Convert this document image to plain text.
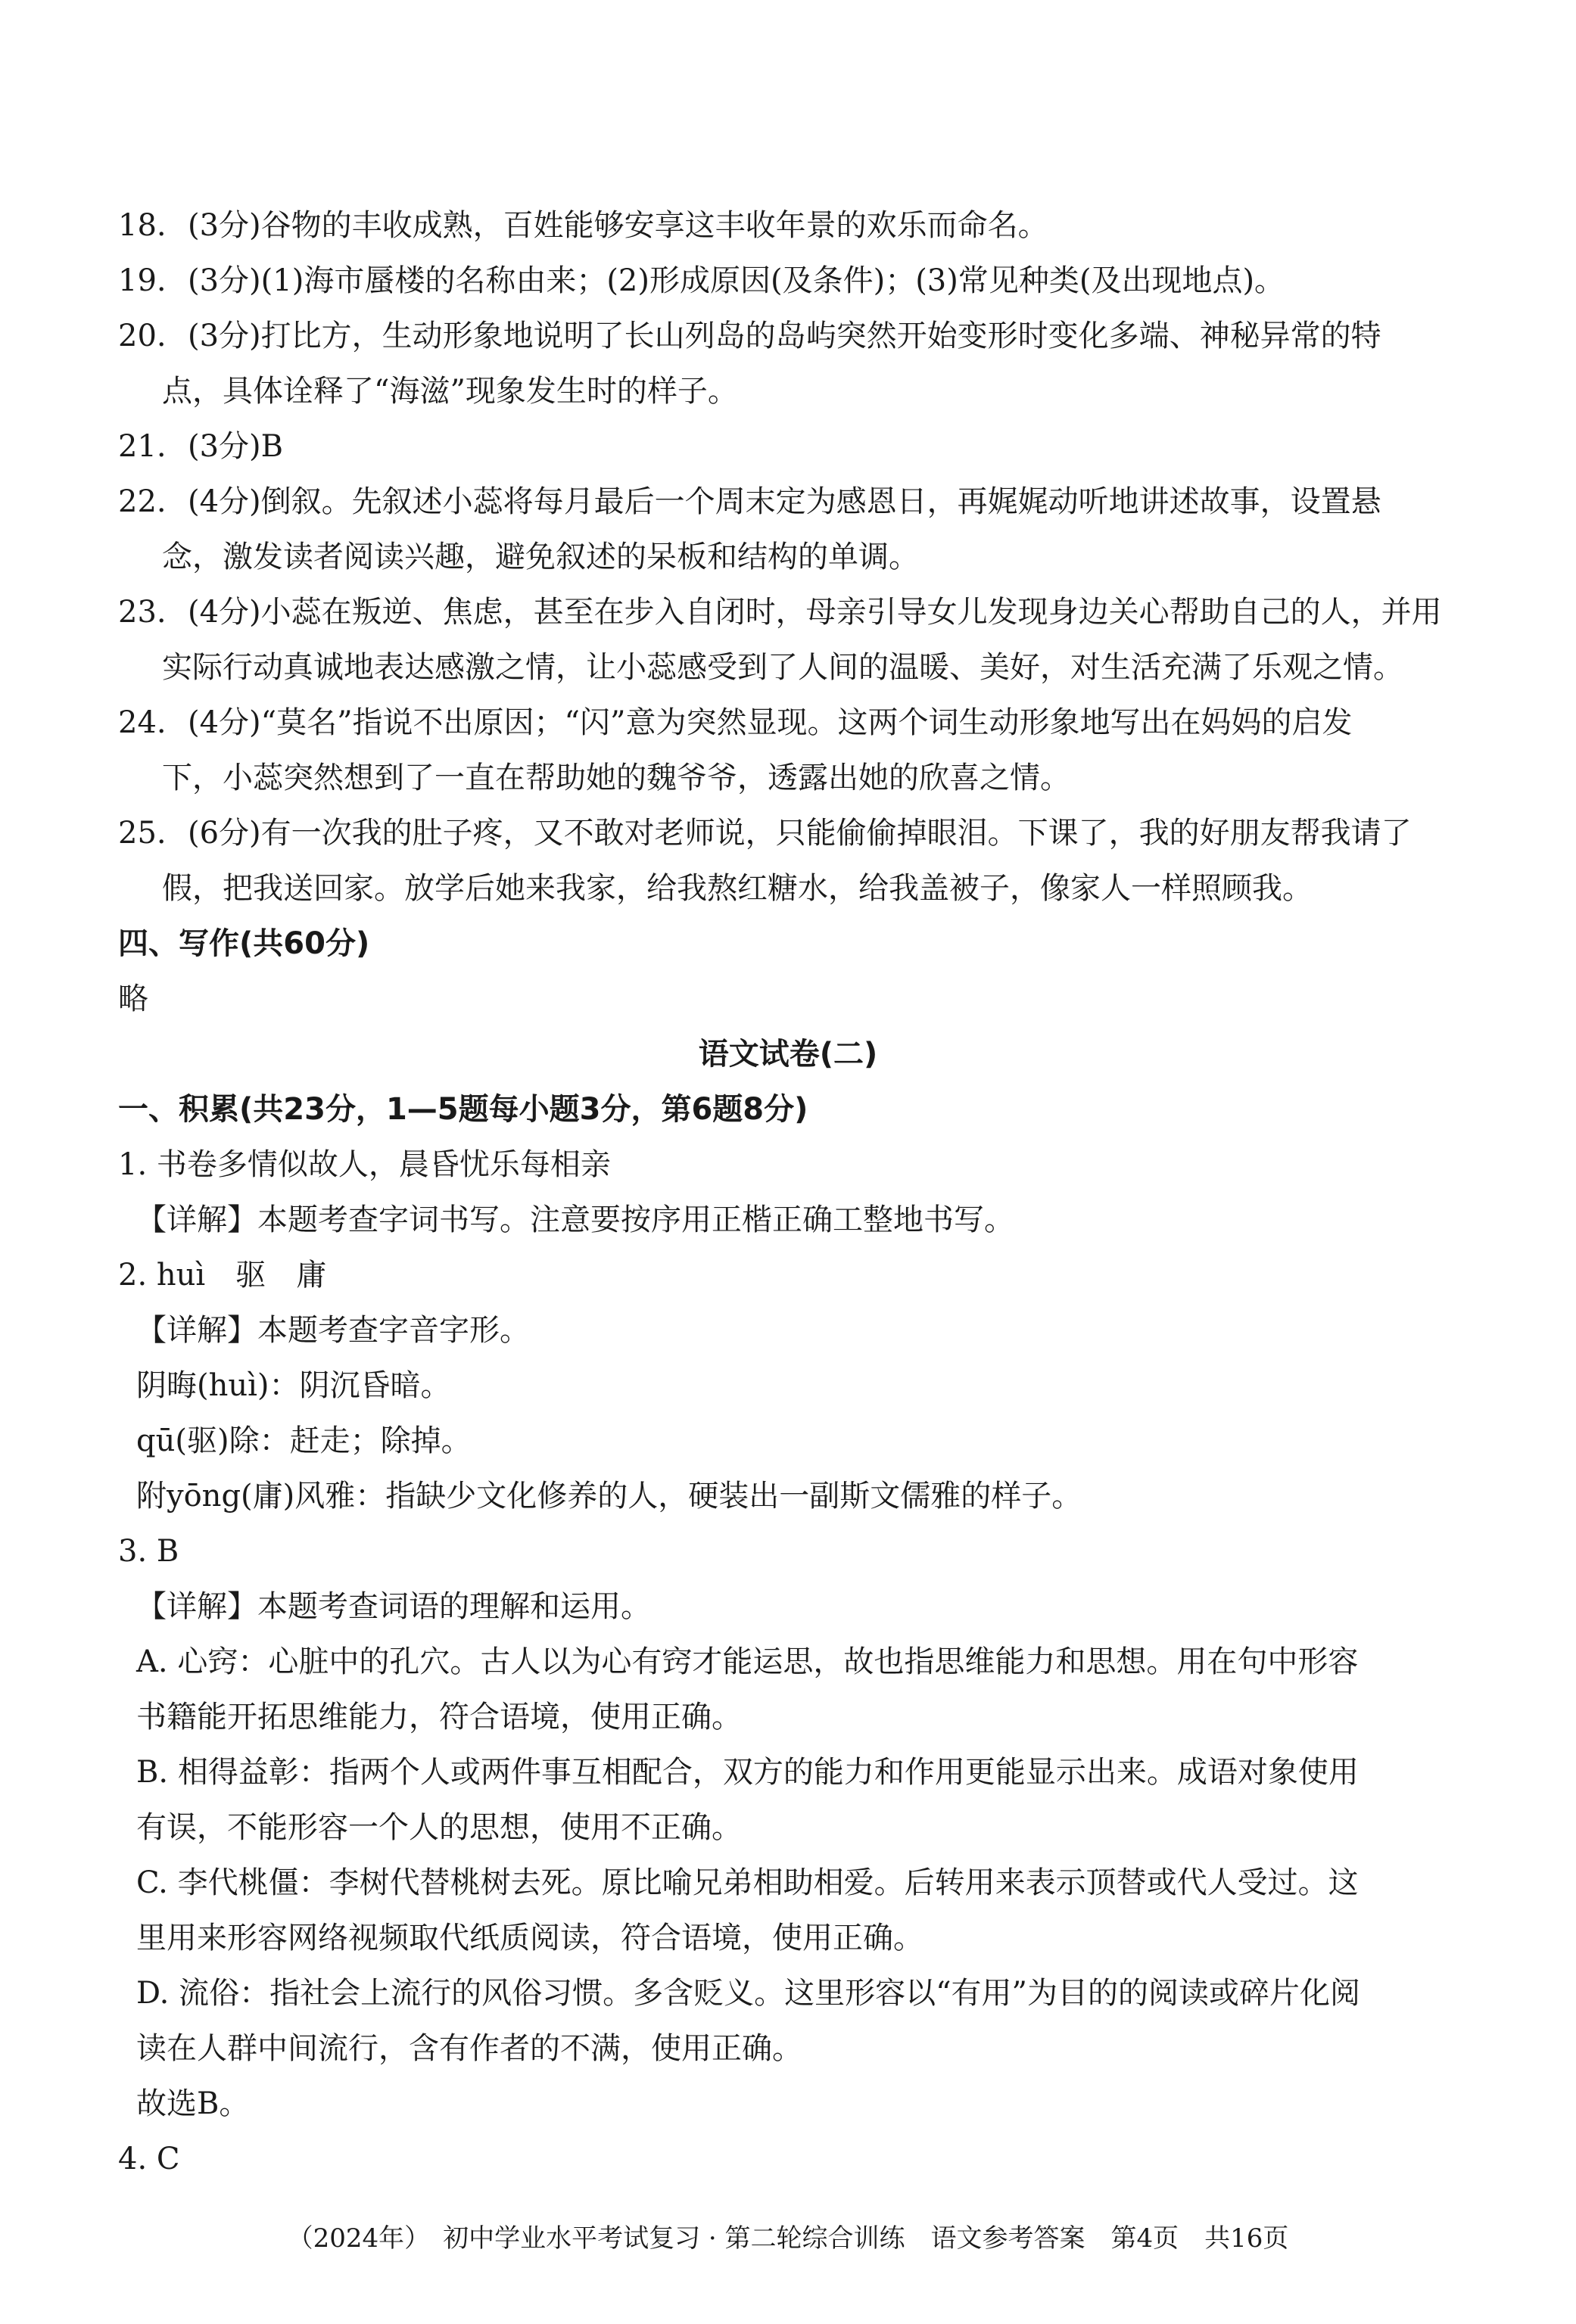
18. (3分)谷物的丰收成熟，百姓能够安享这丰收年景的欢乐而命名。
19. (3分)(1)海市蜃楼的名称由来；(2)形成原因(及条件)；(3)常见种类(及出现地点)。
20. (3分)打比方，生动形象地说明了长山列岛的岛屿突然开始变形时变化多端、神秘异常的特
点，具体诠释了“海滋”现象发生时的样子。
21. (3分)B
22. (4分)倒叙。先叙述小蕊将每月最后一个周末定为感恩日，再娓娓动听地讲述故事，设置悬
念，激发读者阅读兴趣，避免叙述的呆板和结构的单调。
23. (4分)小蕊在叛逆、焦虑，甚至在步入自闭时，母亲引导女儿发现身边关心帮助自己的人，并用
实际行动真诚地表达感激之情，让小蕊感受到了人间的温暖、美好，对生活充满了乐观之情。
24. (4分)“莫名”指说不出原因；“闪”意为突然显现。这两个词生动形象地写出在妈妈的启发
下，小蕊突然想到了一直在帮助她的魏爷爷，透露出她的欣喜之情。
25. (6分)有一次我的肚子疼，又不敢对老师说，只能偷偷掉眼泪。下课了，我的好朋友帮我请了
假，把我送回家。放学后她来我家，给我熬红糖水，给我盖被子，像家人一样照顾我。
四、写作(共60分)
略
语文试卷(二)
一、积累(共23分，1—5题每小题3分，第6题8分)
1. 书卷多情似故人，晨昏忧乐每相亲
【详解】本题考查字词书写。注意要按序用正楷正确工整地书写。
2. huì　驱　庸
【详解】本题考查字音字形。
阴晦(huì)：阴沉昏暗。
qū(驱)除：赶走；除掉。
附yōng(庸)风雅：指缺少文化修养的人，硬装出一副斯文儒雅的样子。
3. B
【详解】本题考查词语的理解和运用。
A. 心窍：心脏中的孔穴。古人以为心有窍才能运思，故也指思维能力和思想。用在句中形容
书籍能开拓思维能力，符合语境，使用正确。
B. 相得益彰：指两个人或两件事互相配合，双方的能力和作用更能显示出来。成语对象使用
有误，不能形容一个人的思想，使用不正确。
C. 李代桃僵：李树代替桃树去死。原比喻兄弟相助相爱。后转用来表示顶替或代人受过。这
里用来形容网络视频取代纸质阅读，符合语境，使用正确。
D. 流俗：指社会上流行的风俗习惯。多含贬义。这里形容以“有用”为目的的阅读或碎片化阅
读在人群中间流行，含有作者的不满，使用正确。
故选B。
4. C
（2024年）　初中学业水平考试复习 · 第二轮综合训练　语文参考答案　第4页　共16页
